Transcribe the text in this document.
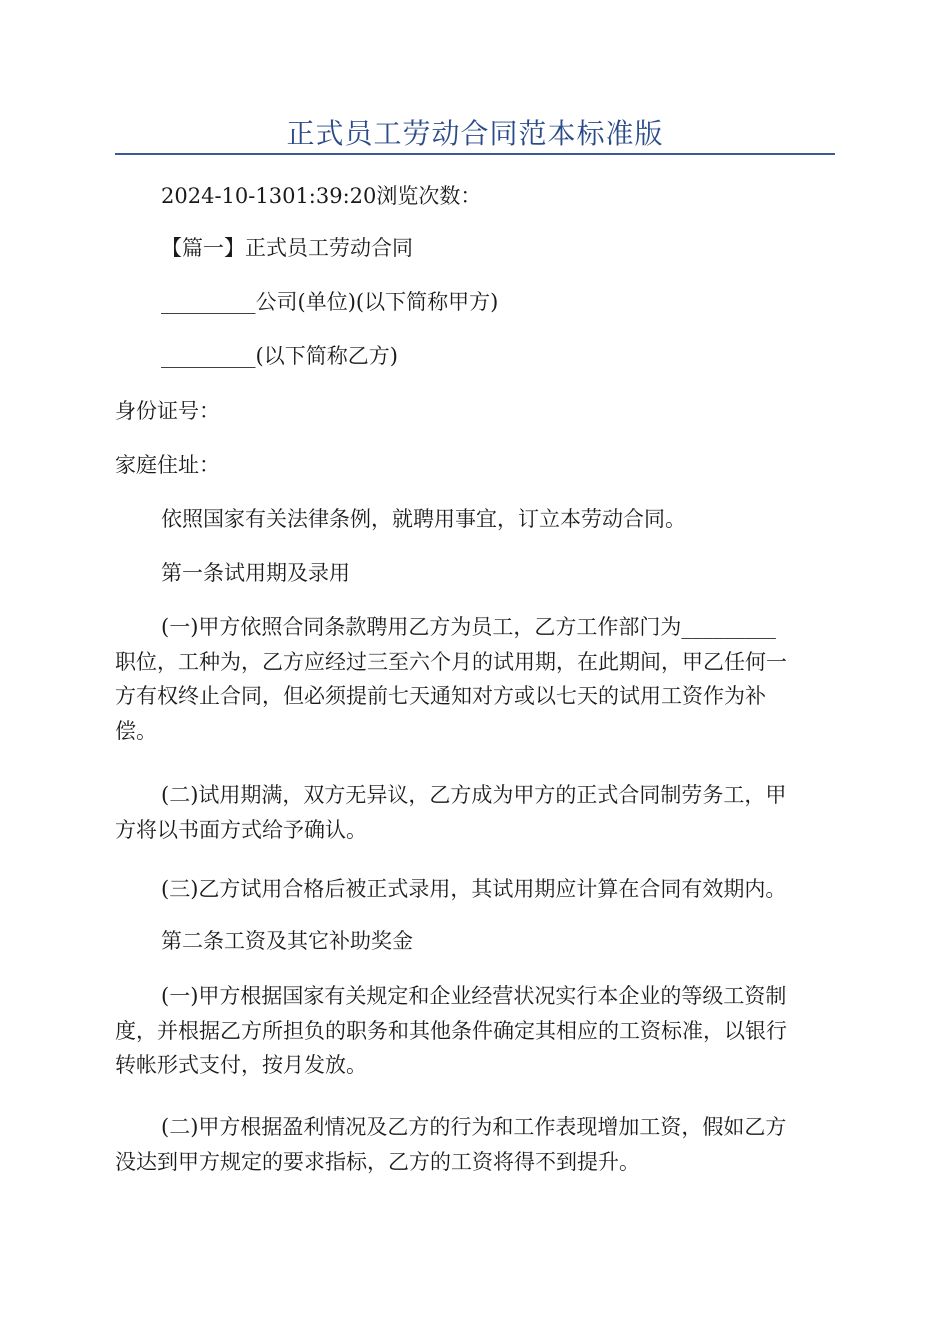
正式员工劳动合同范本标准版
2024-10-1301:39:20浏览次数：
【篇一】正式员工劳动合同
_________公司(单位)(以下简称甲方)
_________(以下简称乙方)
身份证号：
家庭住址：
依照国家有关法律条例，就聘用事宜，订立本劳动合同。
第一条试用期及录用
(一)甲方依照合同条款聘用乙方为员工，乙方工作部门为_________
职位，工种为，乙方应经过三至六个月的试用期，在此期间，甲乙任何一
方有权终止合同，但必须提前七天通知对方或以七天的试用工资作为补
偿。
(二)试用期满，双方无异议，乙方成为甲方的正式合同制劳务工，甲
方将以书面方式给予确认。
(三)乙方试用合格后被正式录用，其试用期应计算在合同有效期内。
第二条工资及其它补助奖金
(一)甲方根据国家有关规定和企业经营状况实行本企业的等级工资制
度，并根据乙方所担负的职务和其他条件确定其相应的工资标准，以银行
转帐形式支付，按月发放。
(二)甲方根据盈利情况及乙方的行为和工作表现增加工资，假如乙方
没达到甲方规定的要求指标，乙方的工资将得不到提升。
